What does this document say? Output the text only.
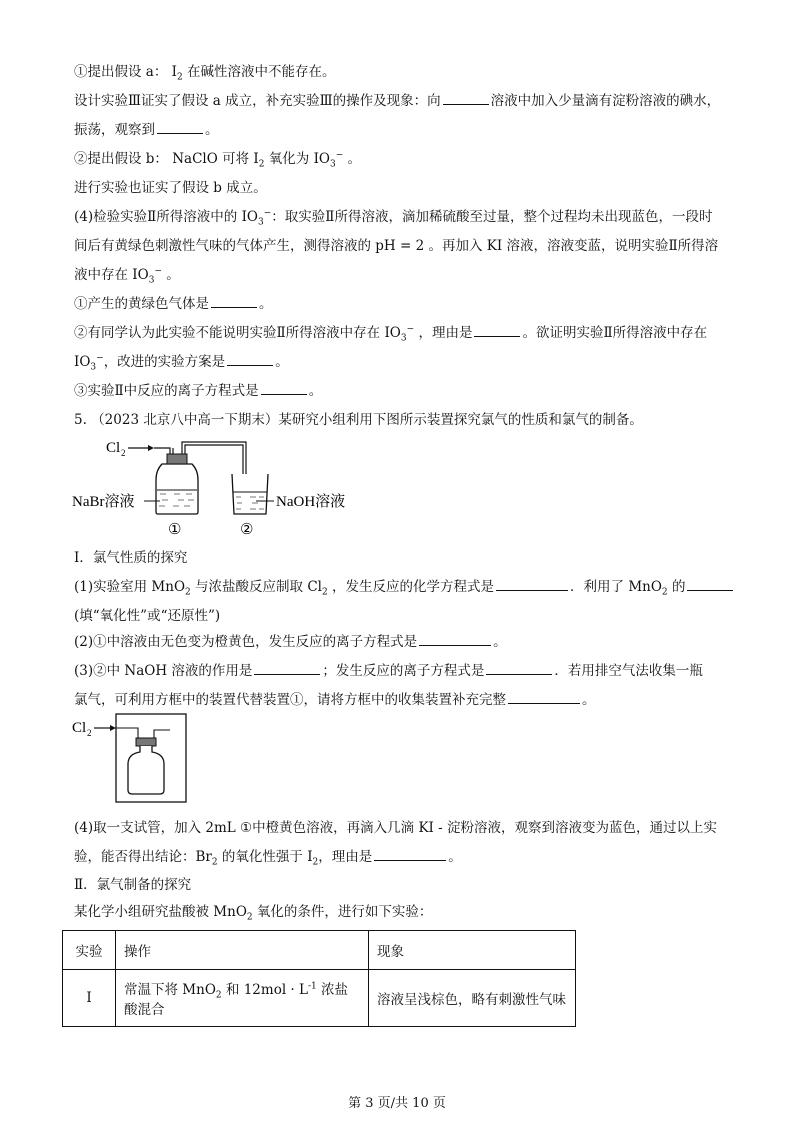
①提出假设 a： $I_2$ 在碱性溶液中不能存在。
设计实验Ⅲ证实了假设 a 成立，补充实验Ⅲ的操作及现象：向	溶液中加入少量滴有淀粉溶液的碘水，
振荡，观察到	。
②提出假设 b： NaClO 可将 $I_2$ 氧化为 $IO_3^-$ 。
进行实验也证实了假设 b 成立。
(4)检验实验Ⅱ所得溶液中的 $IO_3^-$：取实验Ⅱ所得溶液，滴加稀硫酸至过量，整个过程均未出现蓝色，一段时
间后有黄绿色刺激性气味的气体产生，测得溶液的 pH = 2 。再加入 KI 溶液，溶液变蓝，说明实验Ⅱ所得溶
液中存在 $IO_3^-$ 。
①产生的黄绿色气体是	。
②有同学认为此实验不能说明实验Ⅱ所得溶液中存在 $IO_3^-$ ，理由是	。欲证明实验Ⅱ所得溶液中存在
$IO_3^-$，改进的实验方案是	。
③实验Ⅱ中反应的离子方程式是	。
5. （2023 北京八中高一下期末）某研究小组利用下图所示装置探究氯气的性质和氯气的制备。
Cl 2
NaBr溶液	NaOH溶液
①	②
Ⅰ．氯气性质的探究
(1)实验室用 MnO$_2$ 与浓盐酸反应制取 $Cl_2$ ，发生反应的化学方程式是	．利用了 MnO$_2$ 的
(填“氧化性”或“还原性”)
(2)①中溶液由无色变为橙黄色，发生反应的离子方程式是	。
(3)②中 NaOH 溶液的作用是	；发生反应的离子方程式是	．若用排空气法收集一瓶
氯气，可利用方框中的装置代替装置①，请将方框中的收集装置补充完整	。
Cl 2
(4)取一支试管，加入 2mL ①中橙黄色溶液，再滴入几滴 KI - 淀粉溶液，观察到溶液变为蓝色，通过以上实
验，能否得出结论：$Br_2$ 的氧化性强于 $I_2$，理由是	。
Ⅱ．氯气制备的探究
某化学小组研究盐酸被 MnO$_2$ 氧化的条件，进行如下实验：
实验	操作	现象
Ⅰ	常温下将 MnO$_2$ 和 $12mol \cdot L^{-1}$ 浓盐酸混合	溶液呈浅棕色，略有刺激性气味
第 3 页/共 10 页
